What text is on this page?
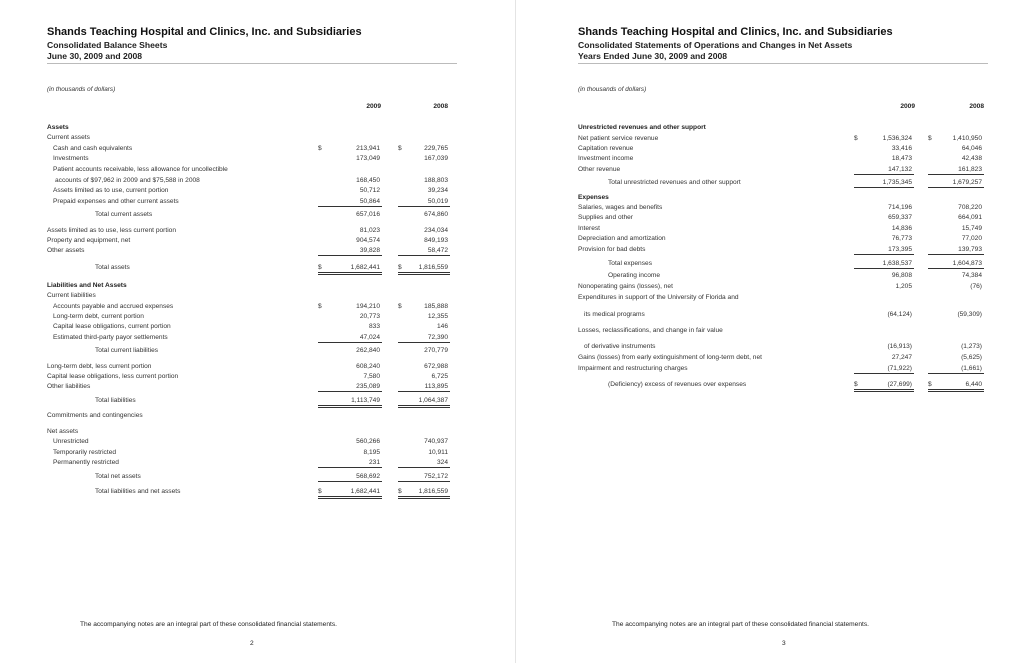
Shands Teaching Hospital and Clinics, Inc. and Subsidiaries
Consolidated Balance Sheets
June 30, 2009 and 2008
(in thousands of dollars)
2009	2008
Assets
Current assets
Cash and cash equivalents	213,941	229,765
$	$
Investments	173,049	167,039
Patient accounts receivable, less allowance for uncollectible
accounts of $97,962 in 2009 and $75,588 in 2008	168,450	188,803
Assets limited as to use, current portion	50,712	39,234
Prepaid expenses and other current assets	50,864	50,019
Total current assets	657,016	674,860
Assets limited as to use, less current portion	81,023	234,034
Property and equipment, net	904,574	849,193
Other assets	39,828	58,472
Total assets	1,682,441	1,816,559
$	$
Liabilities and Net Assets
Current liabilities
Accounts payable and accrued expenses	194,210	185,888
$	$
Long-term debt, current portion	20,773	12,355
Capital lease obligations, current portion	833	146
Estimated third-party payor settlements	47,024	72,390
Total current liabilities	262,840	270,779
Long-term debt, less current portion	608,240	672,988
Capital lease obligations, less current portion	7,580	6,725
Other liabilities	235,089	113,895
Total liabilities	1,113,749	1,064,387
Commitments and contingencies
Net assets
Unrestricted	560,266	740,937
Temporarily restricted	8,195	10,911
Permanently restricted	231	324
Total net assets	568,692	752,172
Total liabilities and net assets	1,682,441	1,816,559
$	$
The accompanying notes are an integral part of these consolidated financial statements.
2
Shands Teaching Hospital and Clinics, Inc. and Subsidiaries
Consolidated Statements of Operations and Changes in Net Assets
Years Ended June 30, 2009 and 2008
(in thousands of dollars)
2009	2008
Unrestricted revenues and other support
Net patient service revenue	1,536,324	1,410,950
$	$
Capitation revenue	33,416	64,046
Investment income	18,473	42,438
Other revenue	147,132	161,823
Total unrestricted revenues and other support	1,735,345	1,679,257
Expenses
Salaries, wages and benefits	714,196	708,220
Supplies and other	659,337	664,091
Interest	14,836	15,749
Depreciation and amortization	76,773	77,020
Provision for bad debts	173,395	139,793
Total expenses	1,638,537	1,604,873
Operating income	96,808	74,384
Nonoperating gains (losses), net	1,205	(76)
Expenditures in support of the University of Florida and
its medical programs	(64,124)	(59,309)
Losses, reclassifications, and change in fair value
of derivative instruments	(16,913)	(1,273)
Gains (losses) from early extinguishment of long-term debt, net	27,247	(5,625)
Impairment and restructuring charges	(71,922)	(1,661)
(Deficiency) excess of revenues over expenses	(27,699)	6,440
$	$
The accompanying notes are an integral part of these consolidated financial statements.
3
